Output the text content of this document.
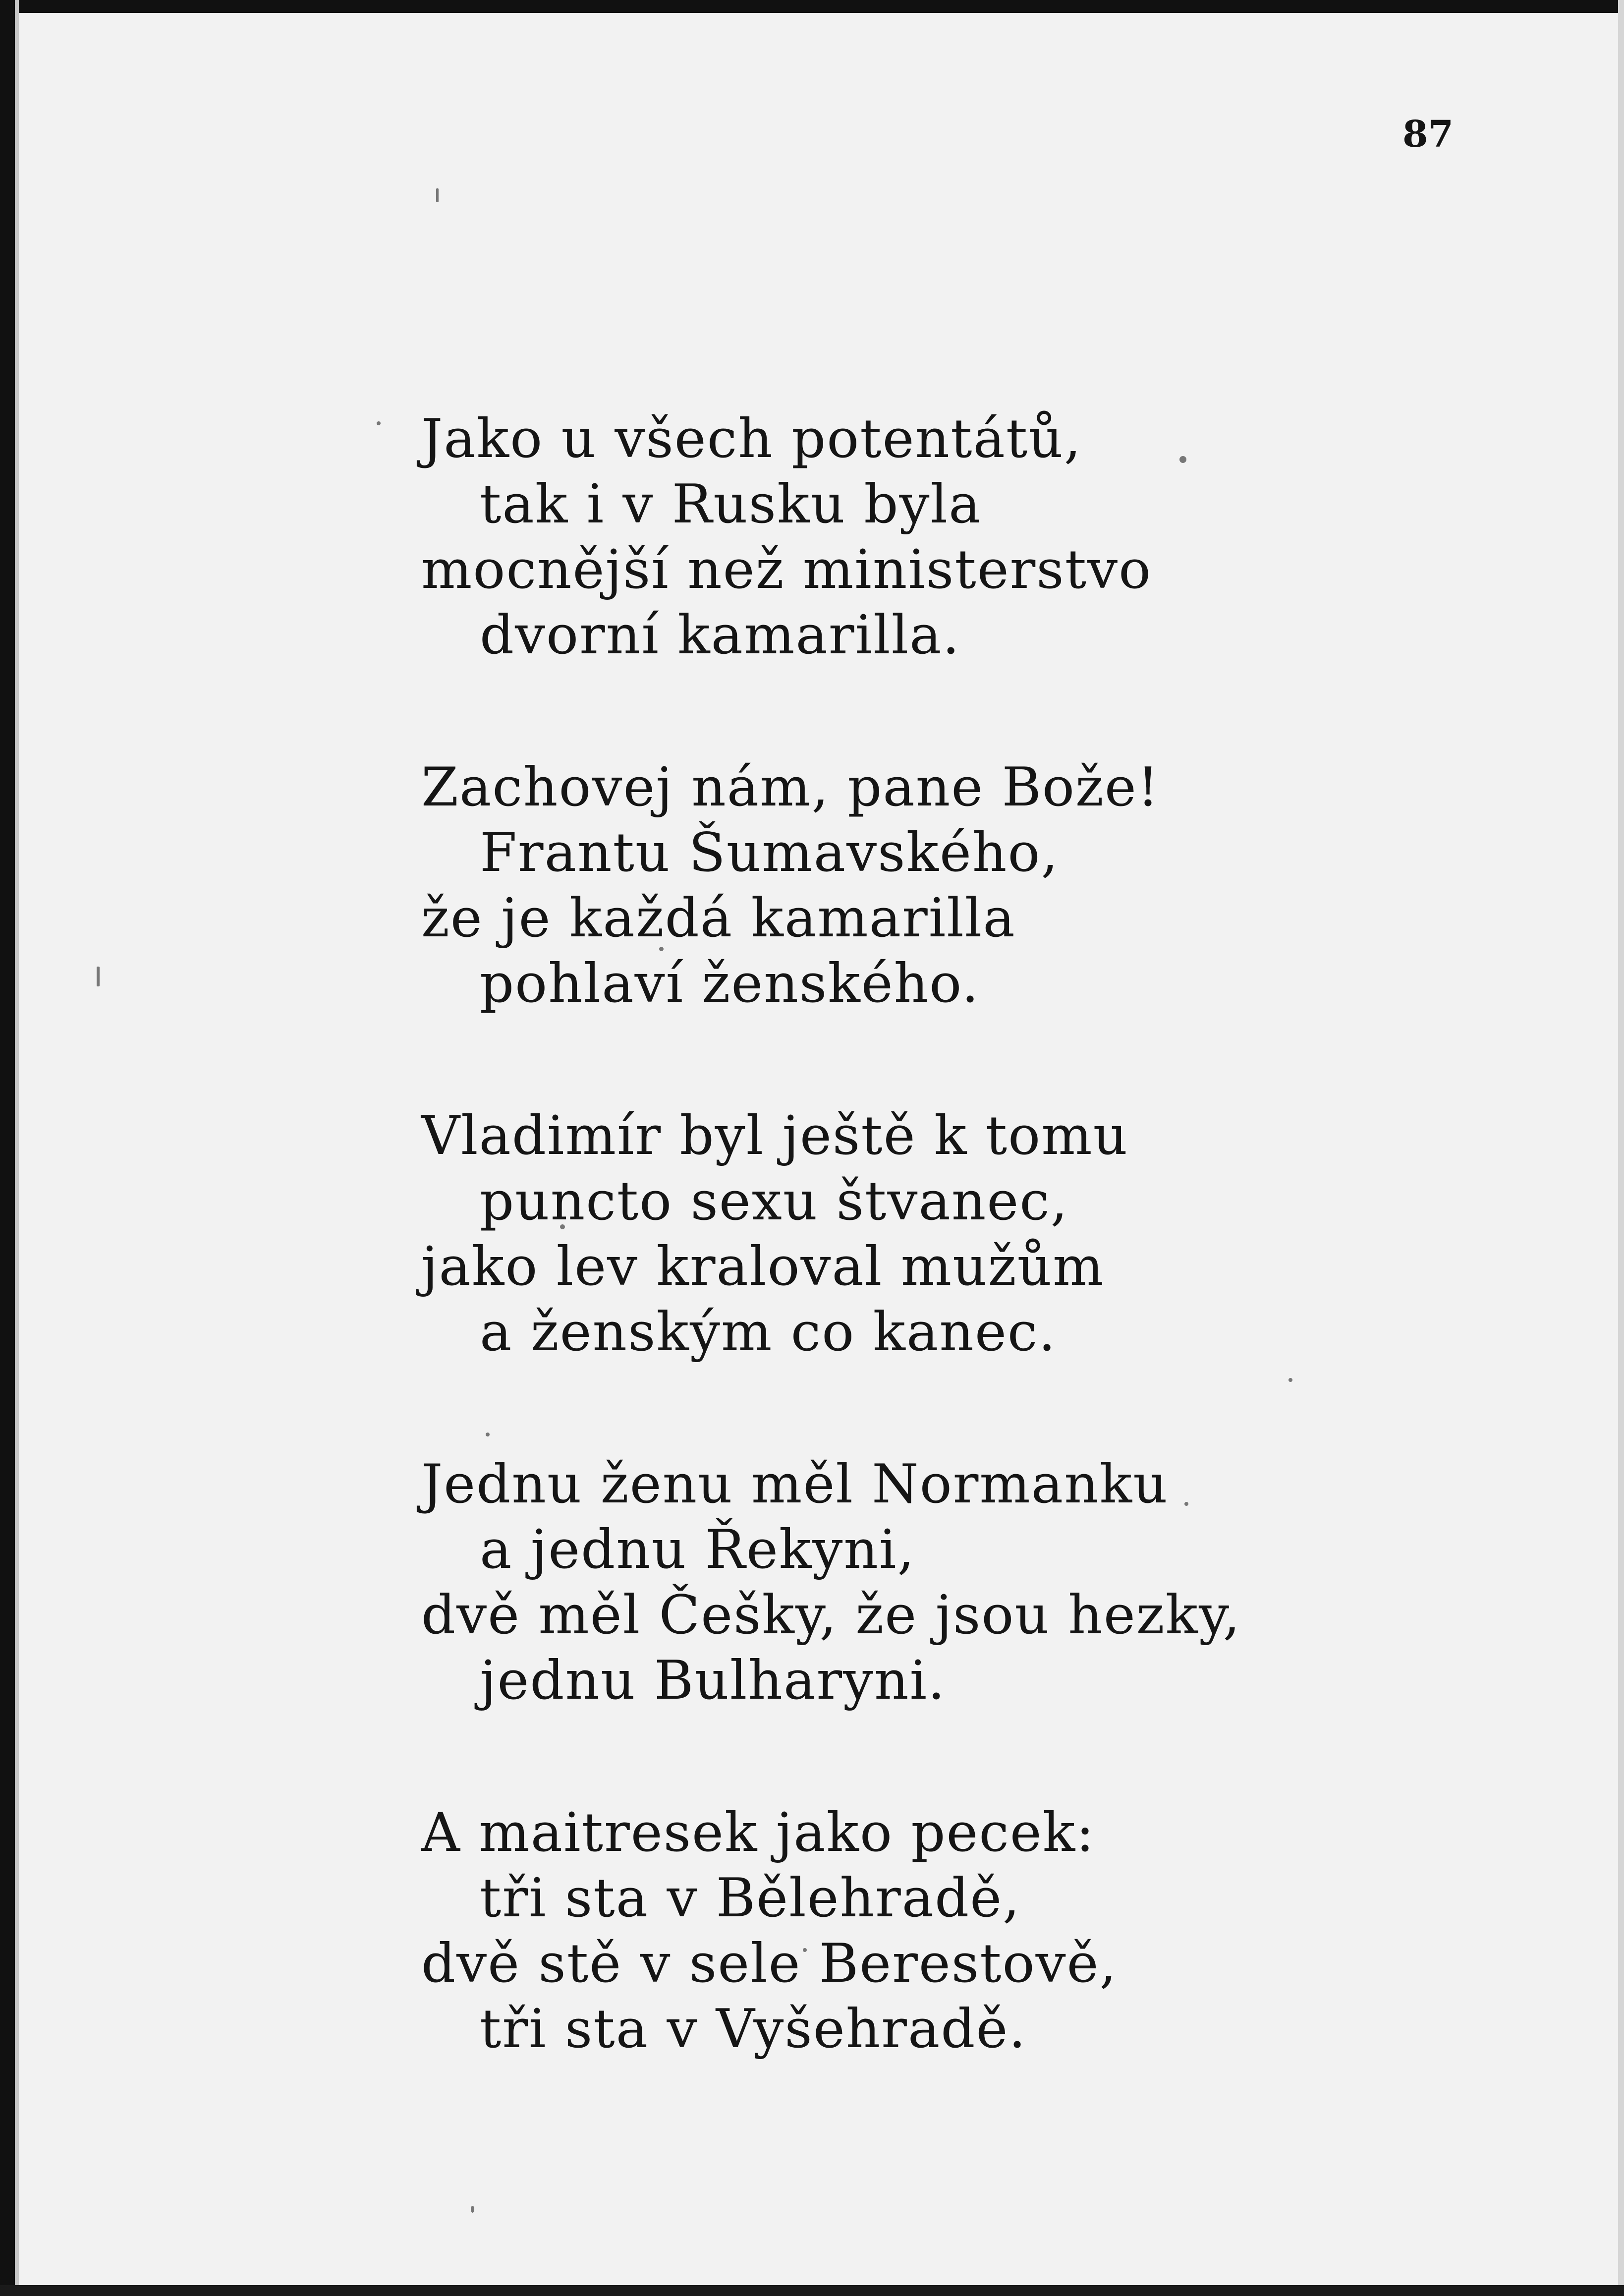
87
Jako u všech potentátů,
tak i v Rusku byla
mocnější než ministerstvo
dvorní kamarilla.
Zachovej nám, pane Bože!
Frantu Šumavského,
že je každá kamarilla
pohlaví ženského.
Vladimír byl ještě k tomu
puncto sexu štvanec,
jako lev kraloval mužům
a ženským co kanec.
Jednu ženu měl Normanku
a jednu Řekyni,
dvě měl Češky, že jsou hezky,
jednu Bulharyni.
A maitresek jako pecek:
tři sta v Bělehradě,
dvě stě v sele Berestově,
tři sta v Vyšehradě.
